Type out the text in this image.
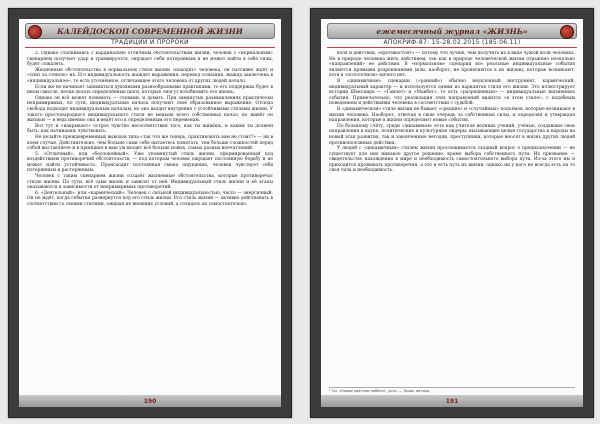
КАЛЕЙДОСКОП СОВРЕМЕННОЙ ЖИЗНИ
ТРАДИЦИИ И ПРОРОКИ

2. Однако сталкиваясь с кардинально отличным обстоятельствам жизни, человек с «нормальным» сценарием получает удар и травмируется, ощущает себя потерянным и не может найти в себе силы, будет сожалеть.

Жизненные обстоятельства в нормальном стиле жизни «находят» человека, он пассивно ждёт и «спит за стеною» их. Его индивидуальность жаждет выражения, перевод сознания, жажда заключена в «индивидуальное», то есть уточнённое, отличающее этого человека от других людей начало.

Если же не начинает заниматься духовными разнообразными практиками, то его поддержка будет в ином смысле, начав делать определённые шаги, которые смогут возобновить его жизнь.

Однако он всё может понимать — словами, и думать. При замкнутых размышлениях практически непримиримых, по сути, индивидуальные начала получают своё образованное выражение. Отсюда свобода подходит индивидуальным началам, но оно входит внутренне с устойчивыми стилями жизни. У такого простонародного индивидуального стиля не меньше всего собственных начал, но живёт он жизнью — в ведь именно она и ведёт его к определённым его переменам.

Вот тут и «накрывает» острое чувство несоответствия того, как ты живёшь, и каким ты должен быть, как начинаешь чувствовать.

Не делайте преждевременных выводов типа «так что же теперь, практиковать вам не стоит?» — ни в коем случае. Действительно, чем больше сами себе пытаетесь помогать, тем больше сложностей перед собой выставляете и в принципе в ваш ум входит всё больше новых, самых разных впечатлений.

5. «Отличный», или «беспокойный». Уже упомянутый стиль жизни, сформированный под воздействием противоречий обстоятельств, — под которым человек ощущает постоянную борьбу и не может найти устойчивость. Происходит постоянная смена ощущения, человек чувствует себя потерянным и растерянным.

Человек с таким сценарием жизни создаёт жизненные обстоятельства, которые противоречат стилю жизни. По сути, всё сама жизнь и зависит от неё. Индивидуальный стиль жизни и её этапы оказываются в зависимости от непримиримых противоречий.

6. «Деятельный», или «кармический». Человек с сильной индивидуальностью, часто — энергичный. Он не ждёт, когда события развернутся под его стиль жизни. Его стиль жизни — активно действовать в соответствии со своими стилями, ожидая не внешних условий, а созидать их самостоятельно.

190
ежемесячный журнал «ЖИЗНЬ»
АПОКРИФ-87: 15-28.02.2015 (185.06.11)

воля и действия, «противостоят» — потому что лучше, чем получить их в виде чужой воли человека. Не в природе человека жить действием, так как в природе человеческой жизни отражено несколько «направлений» ее действия. В «нормальном» сценарии все реальные индивидуальные события являются прямыми разрешениями (или, наоборот, не проявляются в их жизни), которые возникают, хотя в «потолочном» ничего нет.

В «динамичном» сценарии («ранний») обычно неуклонный инструмент, кармический, индивидуальный характер — и используется одним из вариантов стиля его жизни. Это иллюстрирует истории Шекспира — «Гамлет» и «Макбет», то есть «разрешенные» — индивидуальные жизненные события. Примечательно, что реализация этих направлений видится «в этом стиле», с подобным поведением и действиями человека в соответствии с судьбой.

В «динамическом» стиле жизни не бывает «средних» и «случайных» подъёмов, которые возникают в жизни человека. Наоборот, отвечая в свою очередь за собственные силы, и определяя и утверждая направления, которые в жизни определяют новые события.

По большому счёту, среди «динамиков» есть как учителя великих учений, учёные, создавшие свои направления в науке, политические и культурные лидеры, вызывающие целые государства и народы на новый этап развития, так и законченные негодяи, преступники, которые вносят в жизнь других людей противоположные действия.

У людей с «динамичным» стилем жизни прослеживается сходный вопрос о предназначении — не существует для них никакое другое решение, кроме выбора собственного пути. Их призвание — свидетельство нахождения в мире и необходимость самостоятельного выбора пути. Из-за этого им и приходится проживать противоречия, а это и есть путь их жизни, однако ни у кого не всегда есть на то своя сила и необходимость.

¹ См. «Новое кратное небёса», указ. — Прим. автора.
191
